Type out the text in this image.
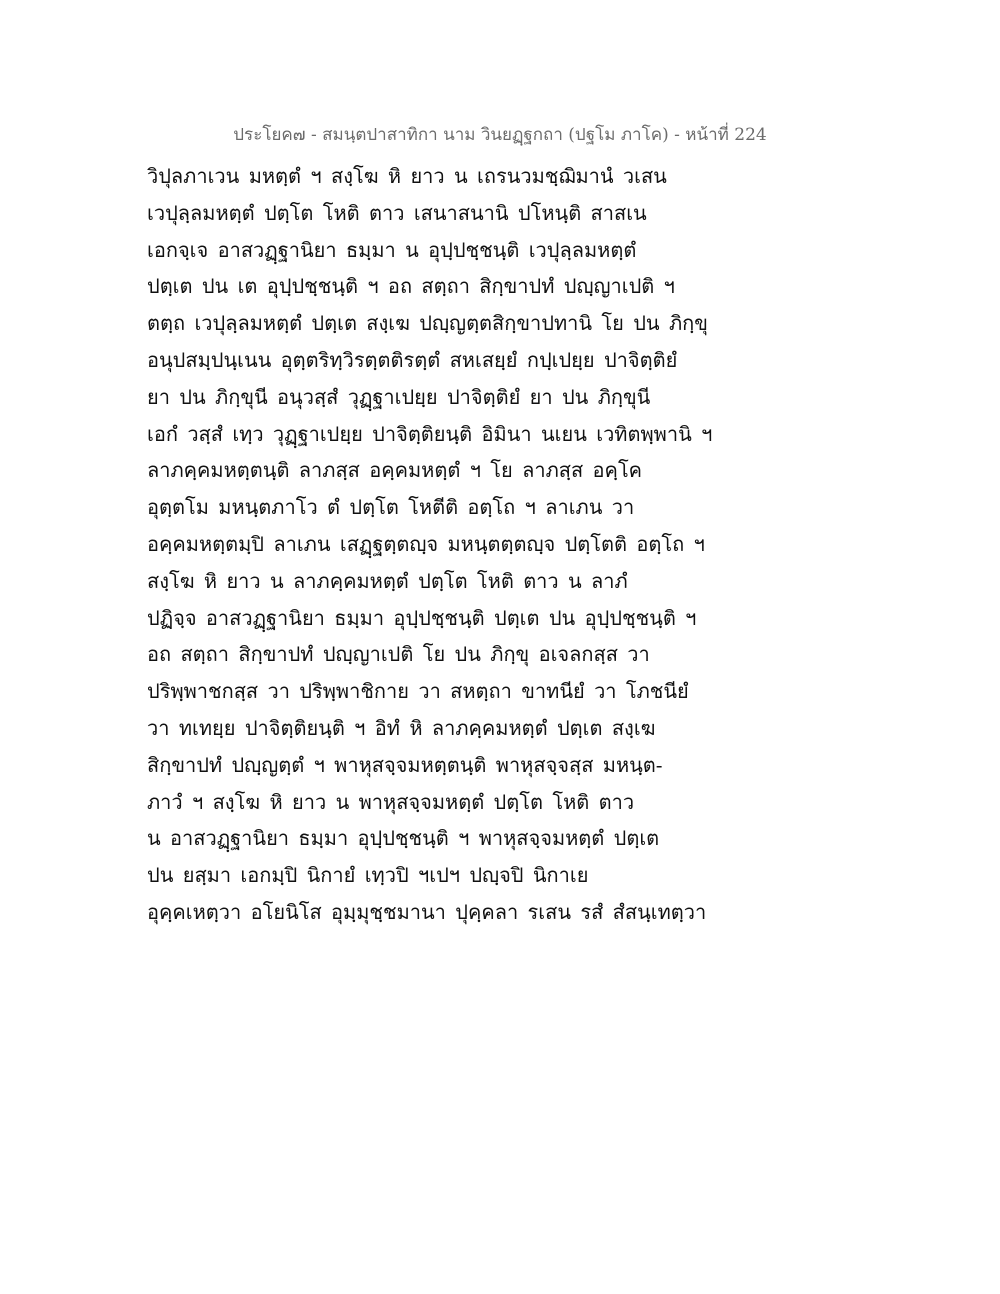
ประโยค๗ - สมนฺตปาสาทิกา นาม วินยฏฺฐกถา (ปฐโม ภาโค) - หน้าที่ 224
วิปุลภาเวน มหตฺตํ ฯ สงฺโฆ หิ ยาว น เถรนวมชฺฌิมานํ วเสน
เวปุลฺลมหตฺตํ ปตฺโต โหติ ตาว เสนาสนานิ ปโหนฺติ สาสเน
เอกจฺเจ อาสวฏฺฐานิยา ธมฺมา น อุปฺปชฺชนฺติ เวปุลฺลมหตฺตํ
ปตฺเต ปน เต อุปฺปชฺชนฺติ ฯ อถ สตฺถา สิกฺขาปทํ ปญฺญาเปติ ฯ
ตตฺถ เวปุลฺลมหตฺตํ ปตฺเต สงฺเฆ ปญฺญตฺตสิกฺขาปทานิ โย ปน ภิกฺขุ
อนุปสมฺปนฺเนน อุตฺตริทฺวิรตฺตติรตฺตํ สหเสยฺยํ กปฺเปยฺย ปาจิตฺติยํ
ยา ปน ภิกฺขุนี อนุวสฺสํ วุฏฺฐาเปยฺย ปาจิตฺติยํ ยา ปน ภิกฺขุนี
เอกํ วสฺสํ เทฺว วุฏฺฐาเปยฺย ปาจิตฺติยนฺติ อิมินา นเยน เวทิตพฺพานิ ฯ
ลาภคฺคมหตฺตนฺติ ลาภสฺส อคฺคมหตฺตํ ฯ โย ลาภสฺส อคฺโค
อุตฺตโม มหนฺตภาโว ตํ ปตฺโต โหตีติ อตฺโถ ฯ ลาเภน วา
อคฺคมหตฺตมฺปิ ลาเภน เสฏฺฐตฺตญฺจ มหนฺตตฺตญฺจ ปตฺโตติ อตฺโถ ฯ
สงฺโฆ หิ ยาว น ลาภคฺคมหตฺตํ ปตฺโต โหติ ตาว น ลาภํ
ปฏิจฺจ อาสวฏฺฐานิยา ธมฺมา อุปฺปชฺชนฺติ ปตฺเต ปน อุปฺปชฺชนฺติ ฯ
อถ สตฺถา สิกฺขาปทํ ปญฺญาเปติ โย ปน ภิกฺขุ อเจลกสฺส วา
ปริพฺพาชกสฺส วา ปริพฺพาชิกาย วา สหตฺถา ขาทนียํ วา โภชนียํ
วา ทเทยฺย ปาจิตฺติยนฺติ ฯ อิทํ หิ ลาภคฺคมหตฺตํ ปตฺเต สงฺเฆ
สิกฺขาปทํ ปญฺญตฺตํ ฯ พาหุสจฺจมหตฺตนฺติ พาหุสจฺจสฺส มหนฺต-
ภาวํ ฯ สงฺโฆ หิ ยาว น พาหุสจฺจมหตฺตํ ปตฺโต โหติ ตาว
น อาสวฏฺฐานิยา ธมฺมา อุปฺปชฺชนฺติ ฯ พาหุสจฺจมหตฺตํ ปตฺเต
ปน ยสฺมา เอกมฺปิ นิกายํ เทฺวปิ ฯเปฯ ปญฺจปิ นิกาเย
อุคฺคเหตฺวา อโยนิโส อุมฺมุชฺชมานา ปุคฺคลา รเสน รสํ สํสนฺเทตฺวา
